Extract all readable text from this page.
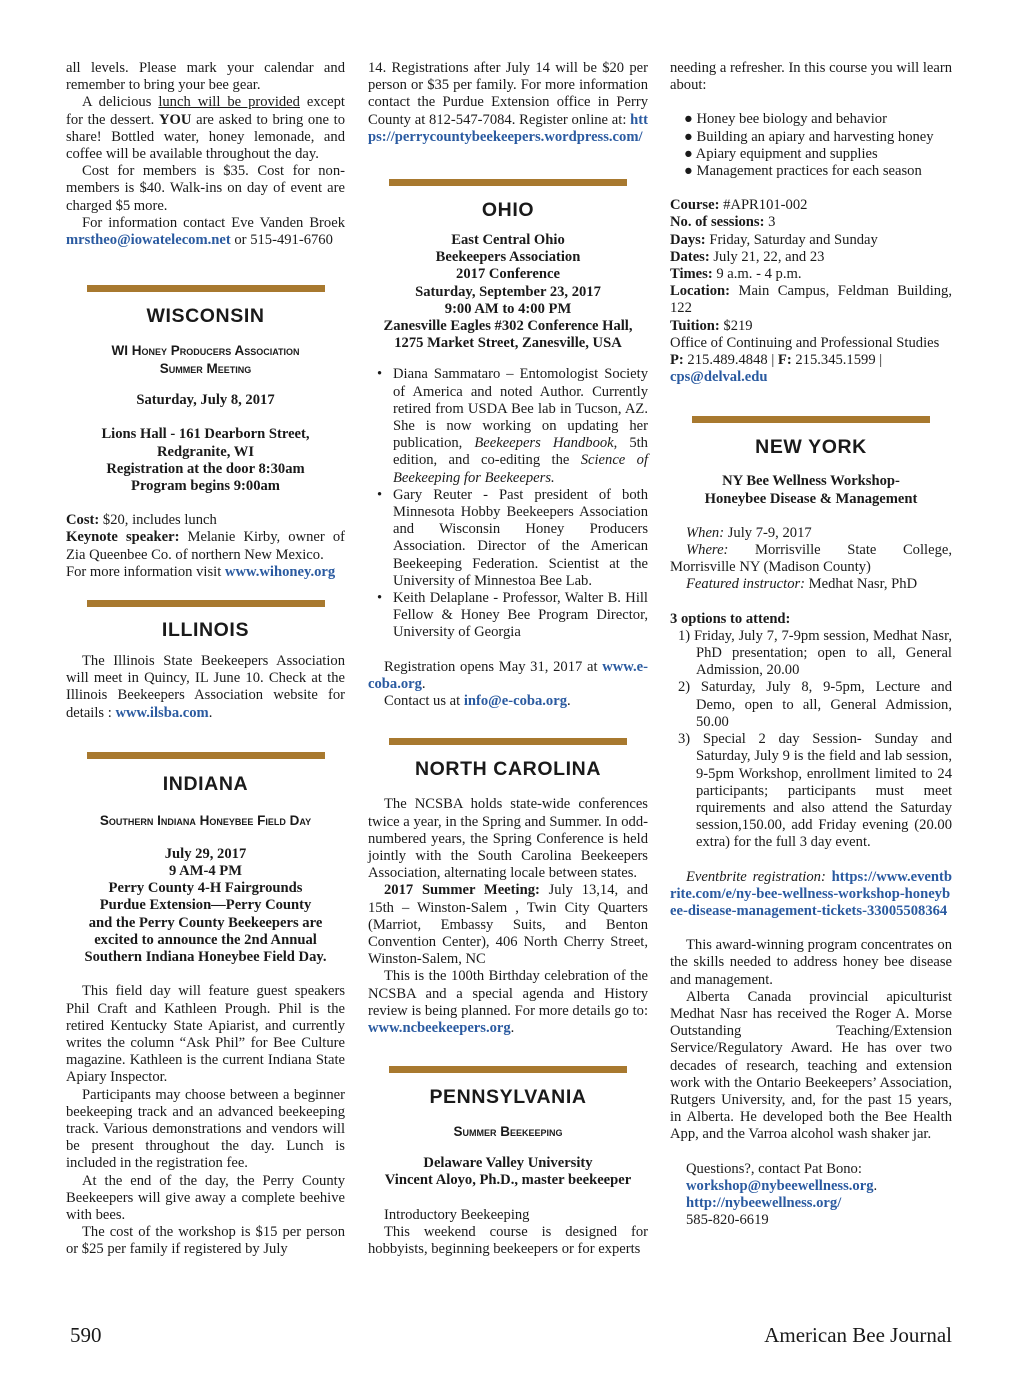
all levels. Please mark your calendar and remember to bring your bee gear.

A delicious lunch will be provided except for the dessert. YOU are asked to bring one to share! Bottled water, honey lemonade, and coffee will be available throughout the day.

Cost for members is $35. Cost for non-members is $40. Walk-ins on day of event are charged $5 more.

For information contact Eve Vanden Broek mrstheo@iowatelecom.net or 515-491-6760

WISCONSIN
WI Honey Producers Association
Summer Meeting

Saturday, July 8, 2017

Lions Hall - 161 Dearborn Street,

Redgranite, WI

Registration at the door 8:30am

Program begins 9:00am

Cost: $20, includes lunch

Keynote speaker: Melanie Kirby, owner of Zia Queenbee Co. of northern New Mexico.

For more information visit www.wihoney.org

ILLINOIS

The Illinois State Beekeepers Association will meet in Quincy, IL June 10. Check at the Illinois Beekeepers Association website for details : www.ilsba.com.

INDIANA
Southern Indiana Honeybee Field Day

July 29, 2017

9 AM-4 PM

Perry County 4-H Fairgrounds

Purdue Extension—Perry County

and the Perry County Beekeepers are

excited to announce the 2nd Annual

Southern Indiana Honeybee Field Day.

This field day will feature guest speakers Phil Craft and Kathleen Prough. Phil is the retired Kentucky State Apiarist, and currently writes the column “Ask Phil” for Bee Culture magazine. Kathleen is the current Indiana State Apiary Inspector.

Participants may choose between a beginner beekeeping track and an advanced beekeeping track. Various demonstrations and vendors will be present throughout the day. Lunch is included in the registration fee.

At the end of the day, the Perry County Beekeepers will give away a complete beehive with bees.

The cost of the workshop is $15 per person or $25 per family if registered by July

14. Registrations after July 14 will be $20 per person or $35 per family. For more information contact the Purdue Extension office in Perry County at 812-547-7084. Register online at: https://perrycountybeekeepers.wordpress.com/

OHIO

East Central Ohio

Beekeepers Association

2017 Conference

Saturday, September 23, 2017

9:00 AM to 4:00 PM

Zanesville Eagles #302 Conference Hall,

1275 Market Street, Zanesville, USA

• Diana Sammataro – Entomologist Society of America and noted Author. Currently retired from USDA Bee lab in Tucson, AZ. She is now working on updating her publication, Beekeepers Handbook, 5th edition, and co-editing the Science of Beekeeping for Beekeepers.

• Gary Reuter - Past president of both Minnesota Hobby Beekeepers Association and Wisconsin Honey Producers Association. Director of the American Beekeeping Federation. Scientist at the University of Minnestoa Bee Lab.

• Keith Delaplane - Professor, Walter B. Hill Fellow & Honey Bee Program Director, University of Georgia

Registration opens May 31, 2017 at www.e-coba.org.

Contact us at info@e-coba.org.

NORTH CAROLINA

The NCSBA holds state-wide conferences twice a year, in the Spring and Summer. In odd-numbered years, the Spring Conference is held jointly with the South Carolina Beekeepers Association, alternating locale between states.

2017 Summer Meeting: July 13,14, and 15th – Winston-Salem , Twin City Quarters (Marriot, Embassy Suits, and Benton Convention Center), 406 North Cherry Street, Winston-Salem, NC

This is the 100th Birthday celebration of the NCSBA and a special agenda and History review is being planned. For more details go to: www.ncbeekeepers.org.

PENNSYLVANIA
Summer Beekeeping

Delaware Valley University

Vincent Aloyo, Ph.D., master beekeeper

Introductory Beekeeping

This weekend course is designed for hobbyists, beginning beekeepers or for experts

needing a refresher. In this course you will learn about:

● Honey bee biology and behavior

● Building an apiary and harvesting honey

● Apiary equipment and supplies

● Management practices for each season

Course: #APR101-002

No. of sessions: 3

Days: Friday, Saturday and Sunday

Dates: July 21, 22, and 23

Times: 9 a.m. - 4 p.m.

Location: Main Campus, Feldman Building, 122

Tuition: $219

Office of Continuing and Professional Studies

P: 215.489.4848 | F: 215.345.1599 | cps@delval.edu

NEW YORK

NY Bee Wellness Workshop-

Honeybee Disease & Management

When: July 7-9, 2017

Where: Morrisville State College, Morrisville NY (Madison County)

Featured instructor: Medhat Nasr, PhD

3 options to attend:

1) Friday, July 7, 7-9pm session, Medhat Nasr, PhD presentation; open to all, General Admission, 20.00

2) Saturday, July 8, 9-5pm, Lecture and Demo, open to all, General Admission, 50.00

3) Special 2 day Session- Sunday and Saturday, July 9 is the field and lab session, 9-5pm Workshop, enrollment limited to 24 participants; participants must meet rquirements and also attend the Saturday session,150.00, add Friday evening (20.00 extra) for the full 3 day event.

Eventbrite registration: https://www.eventbrite.com/e/ny-bee-wellness-workshop-honeybee-disease-management-tickets-33005508364

This award-winning program concentrates on the skills needed to address honey bee disease and management.

Alberta Canada provincial apiculturist Medhat Nasr has received the Roger A. Morse Outstanding Teaching/Extension Service/Regulatory Award. He has over two decades of research, teaching and extension work with the Ontario Beekeepers’ Association, Rutgers University, and, for the past 15 years, in Alberta. He developed both the Bee Health App, and the Varroa alcohol wash shaker jar.

Questions?, contact Pat Bono:

workshop@nybeewellness.org.

http://nybeewellness.org/

585-820-6619

590	American Bee Journal
